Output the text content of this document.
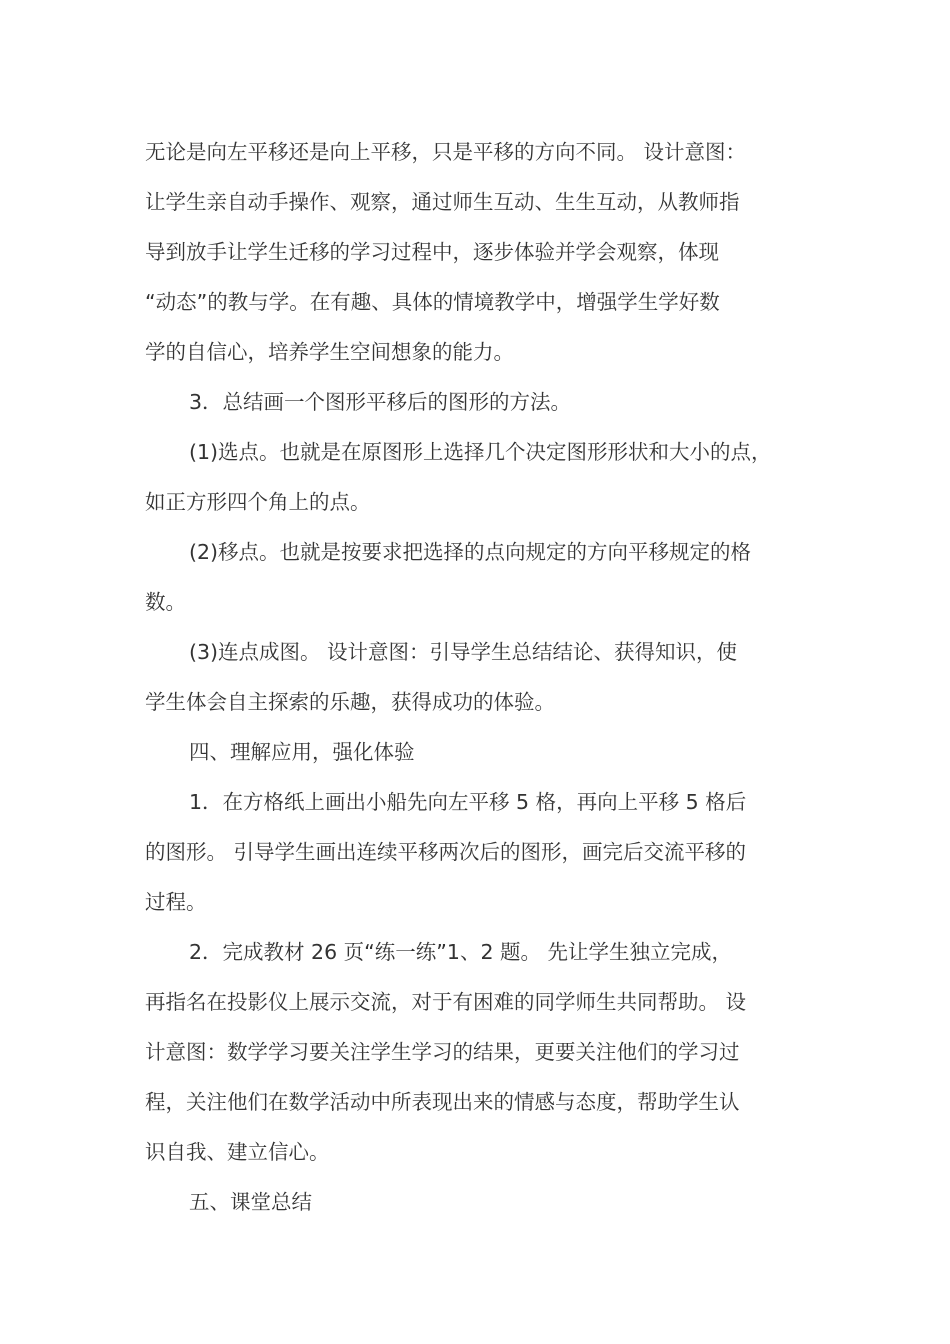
无论是向左平移还是向上平移，只是平移的方向不同。 设计意图：

让学生亲自动手操作、观察，通过师生互动、生生互动，从教师指

导到放手让学生迁移的学习过程中，逐步体验并学会观察，体现

“动态”的教与学。在有趣、具体的情境教学中，增强学生学好数

学的自信心，培养学生空间想象的能力。

3．总结画一个图形平移后的图形的方法。

(1)选点。也就是在原图形上选择几个决定图形形状和大小的点，

如正方形四个角上的点。

(2)移点。也就是按要求把选择的点向规定的方向平移规定的格

数。

(3)连点成图。 设计意图：引导学生总结结论、获得知识，使

学生体会自主探索的乐趣，获得成功的体验。

四、理解应用，强化体验

1．在方格纸上画出小船先向左平移 5 格，再向上平移 5 格后

的图形。 引导学生画出连续平移两次后的图形，画完后交流平移的

过程。

2．完成教材 26 页“练一练”1、2 题。 先让学生独立完成，

再指名在投影仪上展示交流，对于有困难的同学师生共同帮助。 设

计意图：数学学习要关注学生学习的结果，更要关注他们的学习过

程，关注他们在数学活动中所表现出来的情感与态度，帮助学生认

识自我、建立信心。

五、课堂总结
